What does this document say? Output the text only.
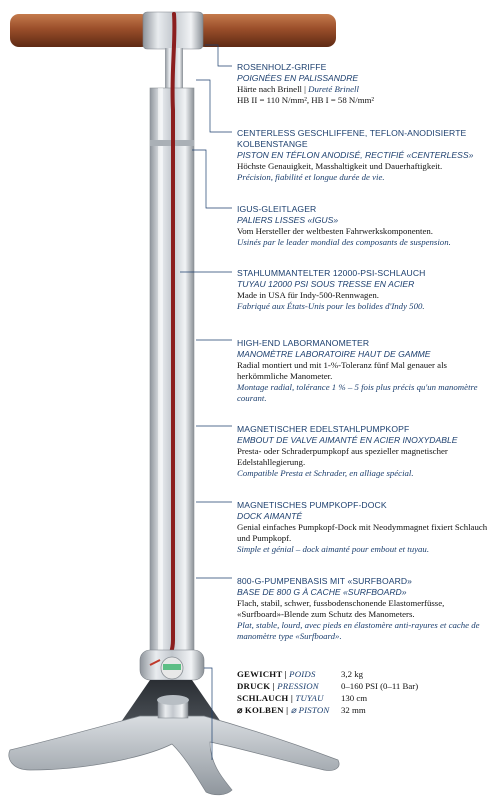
ROSENHOLZ-GRIFFE

POIGNÉES EN PALISSANDRE

Härte nach Brinell | Dureté Brinell

HB II = 110 N/mm², HB I = 58 N/mm²

CENTERLESS GESCHLIFFENE, TEFLON-ANODISIERTE KOLBENSTANGE

PISTON EN TÉFLON ANODISÉ, RECTIFIÉ «CENTERLESS»

Höchste Genauigkeit, Masshaltigkeit und Dauerhaftigkeit.

Précision, fiabilité et longue durée de vie.

IGUS-GLEITLAGER

PALIERS LISSES «IGUS»

Vom Hersteller der weltbesten Fahrwerkskomponenten.

Usinés par le leader mondial des composants de suspension.

STAHLUMMANTELTER 12000-PSI-SCHLAUCH

TUYAU 12000 PSI SOUS TRESSE EN ACIER

Made in USA für Indy-500-Rennwagen.

Fabriqué aux États-Unis pour les bolides d'Indy 500.

HIGH-END LABORMANOMETER

MANOMÈTRE LABORATOIRE HAUT DE GAMME

Radial montiert und mit 1-%-Toleranz fünf Mal genauer als herkömmliche Manometer.

Montage radial, tolérance 1 % – 5 fois plus précis qu'un manomètre courant.

MAGNETISCHER EDELSTAHLPUMPKOPF

EMBOUT DE VALVE AIMANTÉ EN ACIER INOXYDABLE

Presta- oder Schraderpumpkopf aus spezieller magnetischer Edelstahllegierung.

Compatible Presta et Schrader, en alliage spécial.

MAGNETISCHES PUMPKOPF-DOCK

DOCK AIMANTÉ

Genial einfaches Pumpkopf-Dock mit Neodymmagnet fixiert Schlauch und Pumpkopf.

Simple et génial – dock aimanté pour embout et tuyau.

800-G-PUMPENBASIS MIT «SURFBOARD»

BASE DE 800 G À CACHE «SURFBOARD»

Flach, stabil, schwer, fussbodenschonende Elastomerfüsse, «Surfboard»-Blende zum Schutz des Manometers.

Plat, stable, lourd, avec pieds en élastomère anti-rayures et cache de manomètre type «Surfboard».

GEWICHT | POIDS	3,2 kg
DRUCK | PRESSION	0–160 PSI (0–11 Bar)
SCHLAUCH | TUYAU	130 cm
⌀ KOLBEN | ⌀ PISTON	32 mm
